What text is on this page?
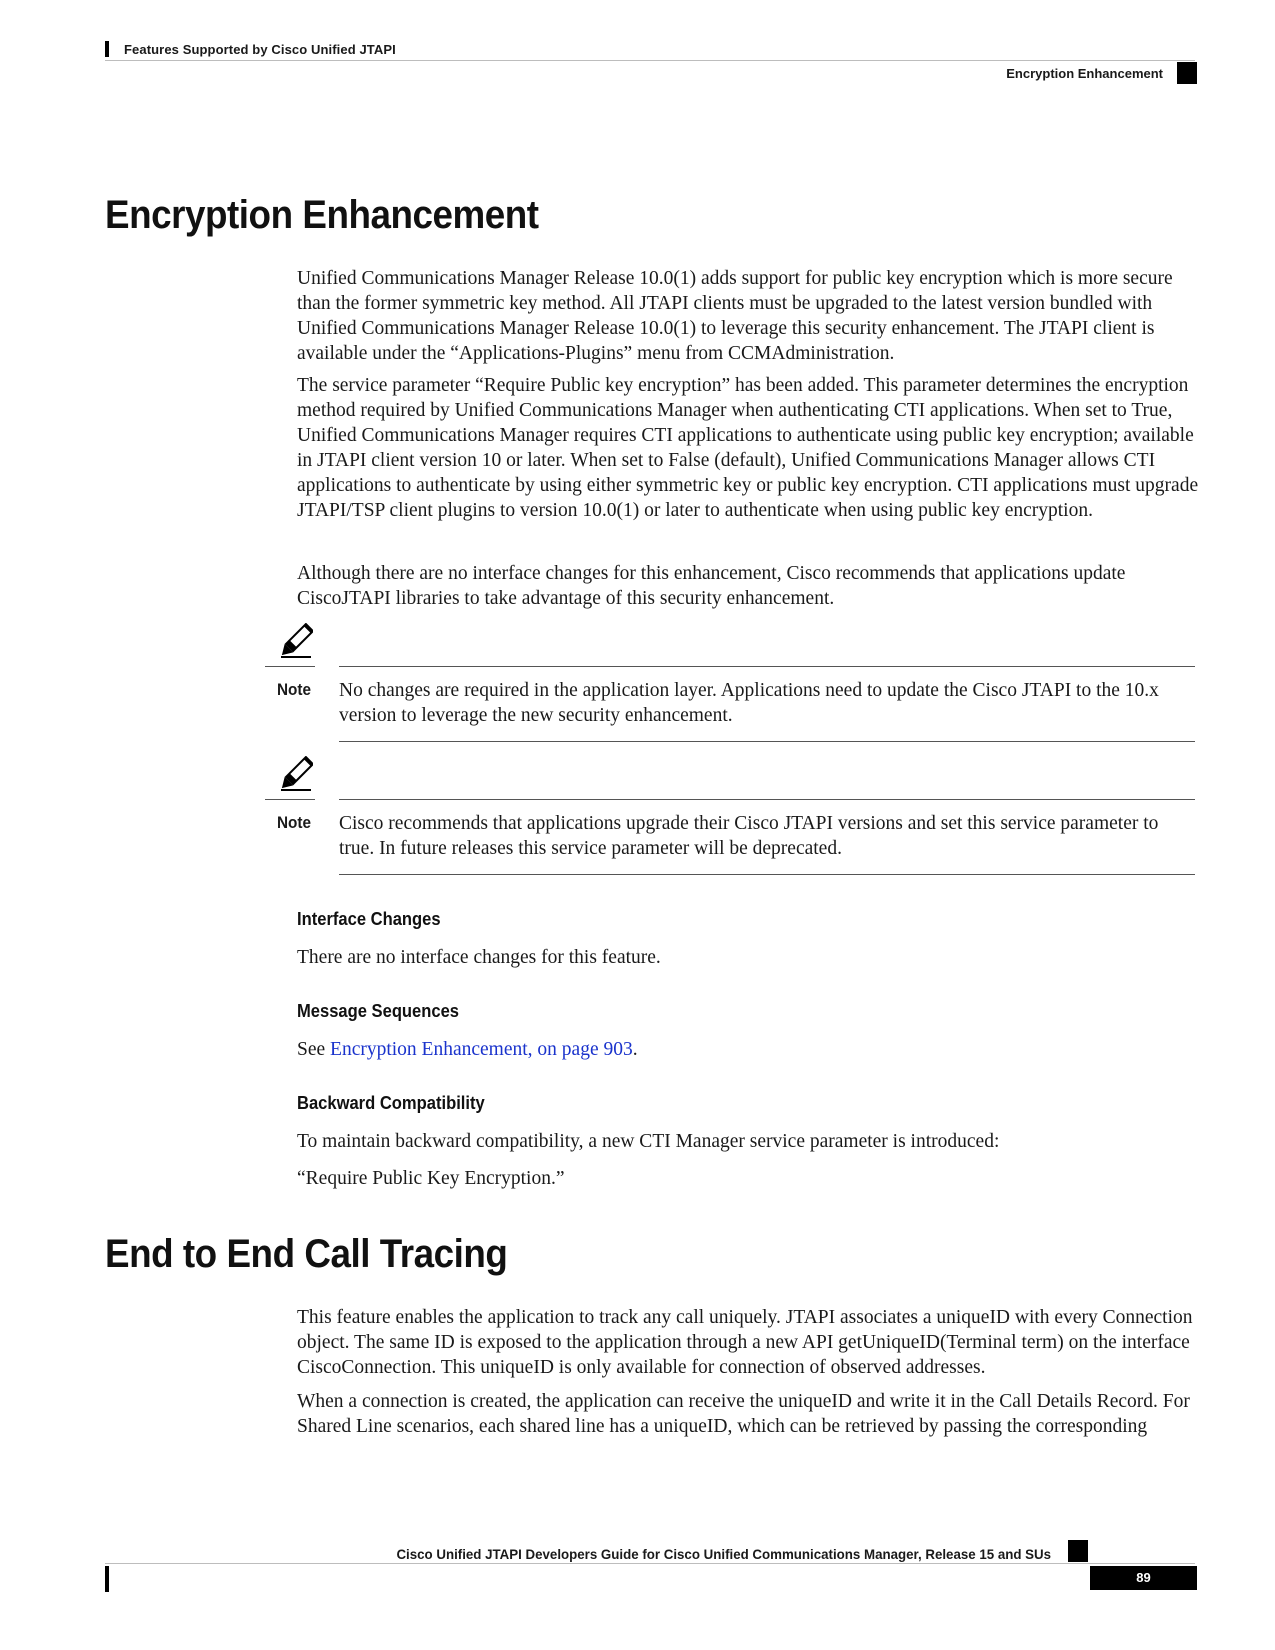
Features Supported by Cisco Unified JTAPI
Encryption Enhancement
Encryption Enhancement

Unified Communications Manager Release 10.0(1) adds support for public key encryption which is more secure than the former symmetric key method. All JTAPI clients must be upgraded to the latest version bundled with Unified Communications Manager Release 10.0(1) to leverage this security enhancement. The JTAPI client is available under the “Applications-Plugins” menu from CCMAdministration.

The service parameter “Require Public key encryption” has been added. This parameter determines the encryption method required by Unified Communications Manager when authenticating CTI applications. When set to True, Unified Communications Manager requires CTI applications to authenticate using public key encryption; available in JTAPI client version 10 or later. When set to False (default), Unified Communications Manager allows CTI applications to authenticate by using either symmetric key or public key encryption. CTI applications must upgrade JTAPI/TSP client plugins to version 10.0(1) or later to authenticate when using public key encryption.

Although there are no interface changes for this enhancement, Cisco recommends that applications update CiscoJTAPI libraries to take advantage of this security enhancement.

Note No changes are required in the application layer. Applications need to update the Cisco JTAPI to the 10.x version to leverage the new security enhancement.
Note Cisco recommends that applications upgrade their Cisco JTAPI versions and set this service parameter to true. In future releases this service parameter will be deprecated.
Interface Changes

There are no interface changes for this feature.

Message Sequences

See Encryption Enhancement, on page 903.

Backward Compatibility

To maintain backward compatibility, a new CTI Manager service parameter is introduced:

“Require Public Key Encryption.”

End to End Call Tracing

This feature enables the application to track any call uniquely. JTAPI associates a uniqueID with every Connection object. The same ID is exposed to the application through a new API getUniqueID(Terminal term) on the interface CiscoConnection. This uniqueID is only available for connection of observed addresses.

When a connection is created, the application can receive the uniqueID and write it in the Call Details Record. For Shared Line scenarios, each shared line has a uniqueID, which can be retrieved by passing the corresponding

Cisco Unified JTAPI Developers Guide for Cisco Unified Communications Manager, Release 15 and SUs
89
